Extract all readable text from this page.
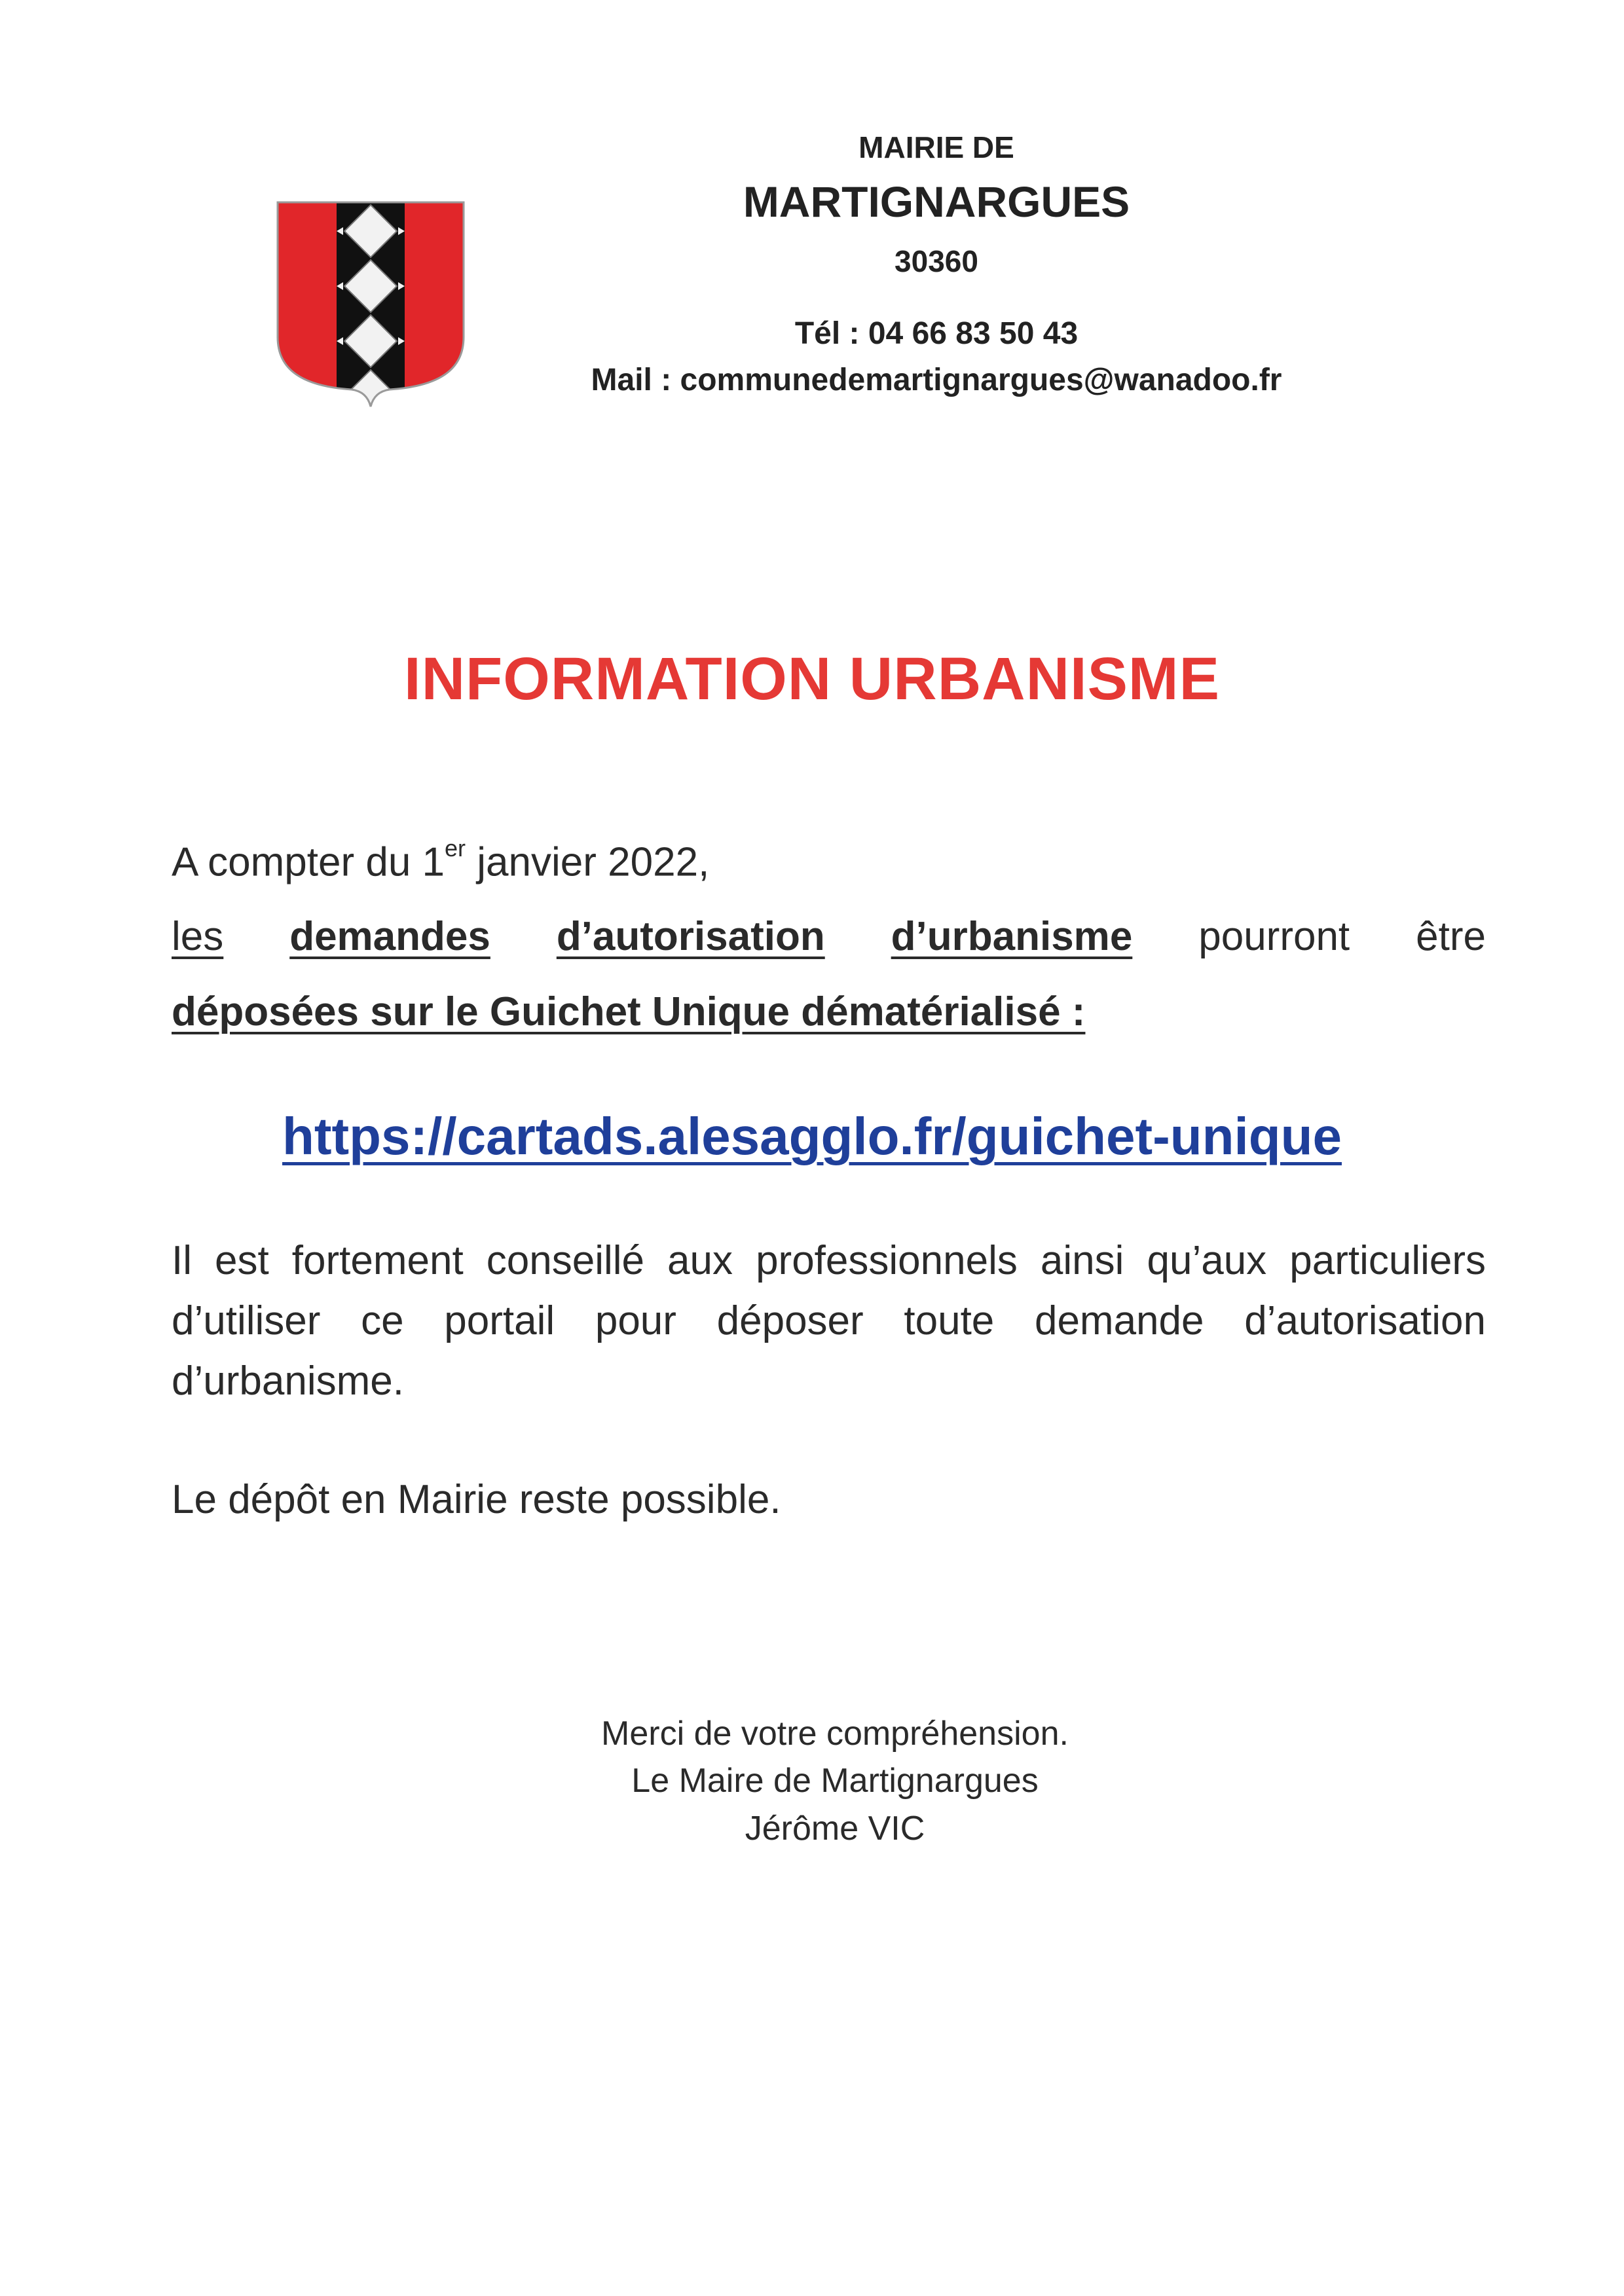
MAIRIE DE
MARTIGNARGUES
30360
Tél : 04 66 83 50 43
Mail : communedemartignargues@wanadoo.fr
INFORMATION URBANISME
A compter du 1er janvier 2022,
les demandes d’autorisation d’urbanisme pourront être
déposées sur le Guichet Unique dématérialisé :
https://cartads.alesagglo.fr/guichet-unique
Il est fortement conseillé aux professionnels ainsi qu’aux particuliers d’utiliser ce portail pour déposer toute demande d’autorisation d’urbanisme.
Le dépôt en Mairie reste possible.
Merci de votre compréhension.
Le Maire de Martignargues
Jérôme VIC
